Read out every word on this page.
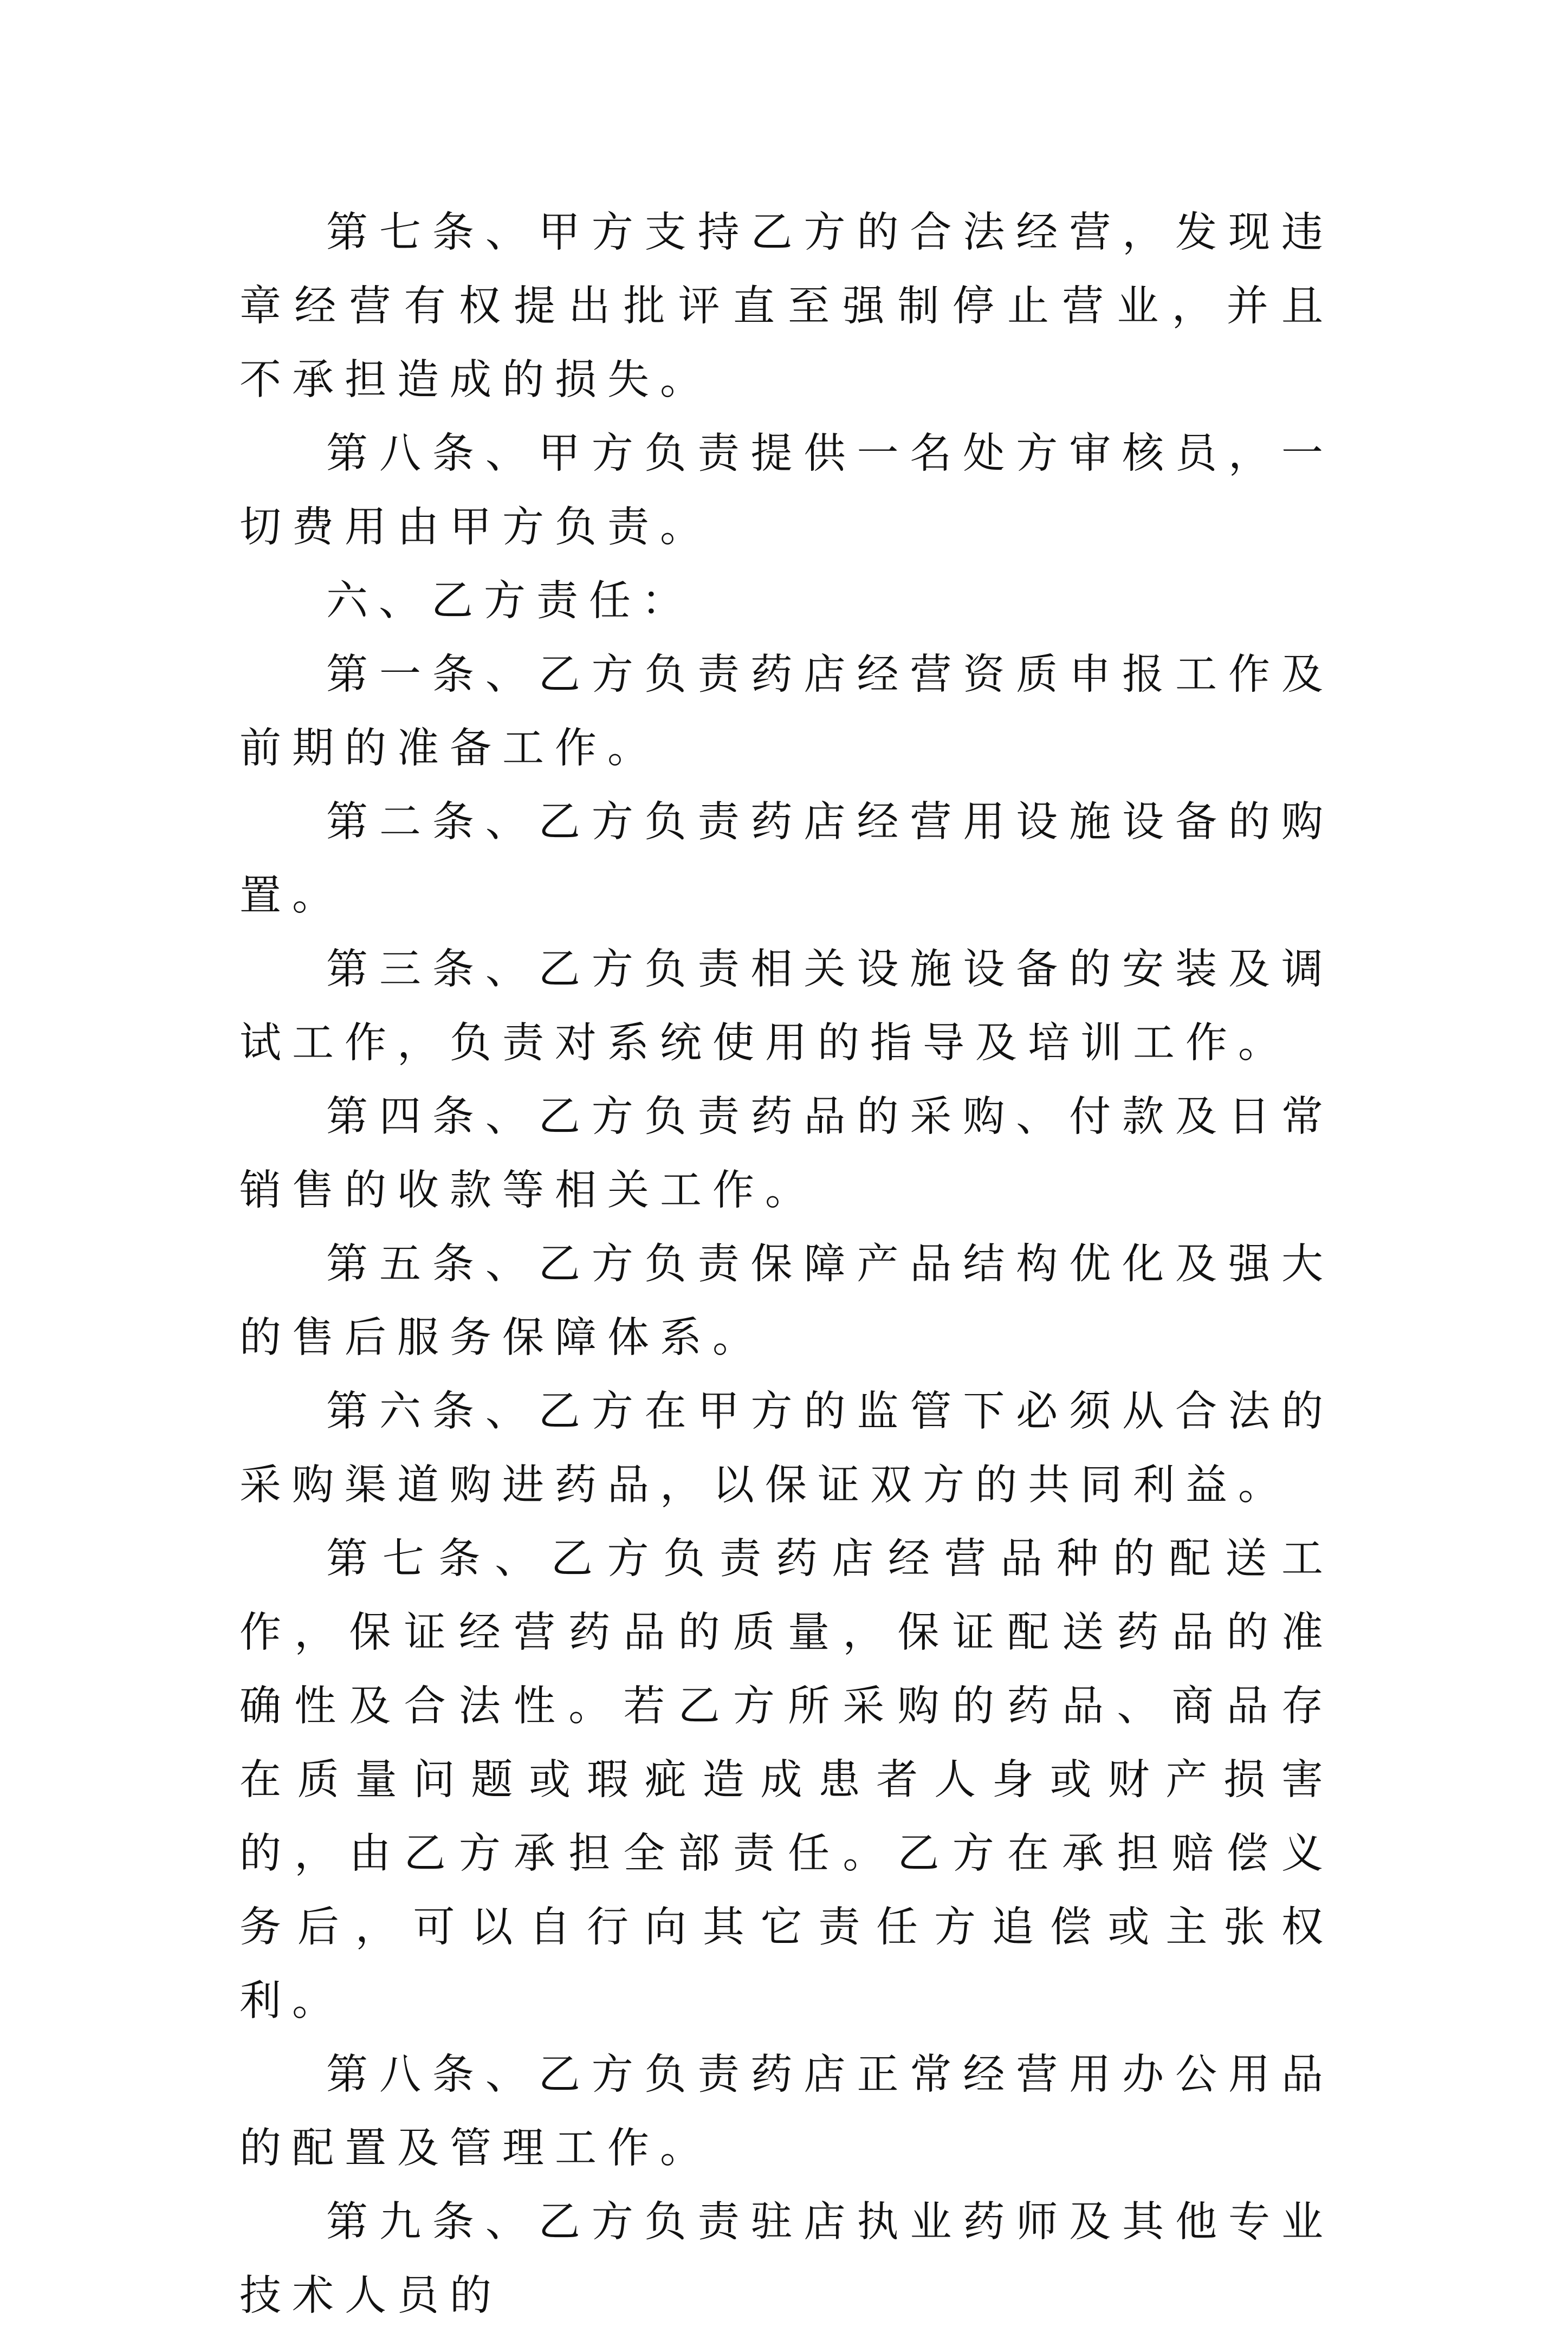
第七条、甲方支持乙方的合法经营，发现违章经营有权提出批评直至强制停止营业，并且不承担造成的损失。

第八条、甲方负责提供一名处方审核员，一切费用由甲方负责。

六、乙方责任：

第一条、乙方负责药店经营资质申报工作及前期的准备工作。

第二条、乙方负责药店经营用设施设备的购置。

第三条、乙方负责相关设施设备的安装及调试工作，负责对系统使用的指导及培训工作。

第四条、乙方负责药品的采购、付款及日常销售的收款等相关工作。

第五条、乙方负责保障产品结构优化及强大的售后服务保障体系。

第六条、乙方在甲方的监管下必须从合法的采购渠道购进药品，以保证双方的共同利益。

第七条、乙方负责药店经营品种的配送工作，保证经营药品的质量，保证配送药品的准确性及合法性。若乙方所采购的药品、商品存在质量问题或瑕疵造成患者人身或财产损害的，由乙方承担全部责任。乙方在承担赔偿义务后，可以自行向其它责任方追偿或主张权利。

第八条、乙方负责药店正常经营用办公用品的配置及管理工作。

第九条、乙方负责驻店执业药师及其他专业技术人员的
